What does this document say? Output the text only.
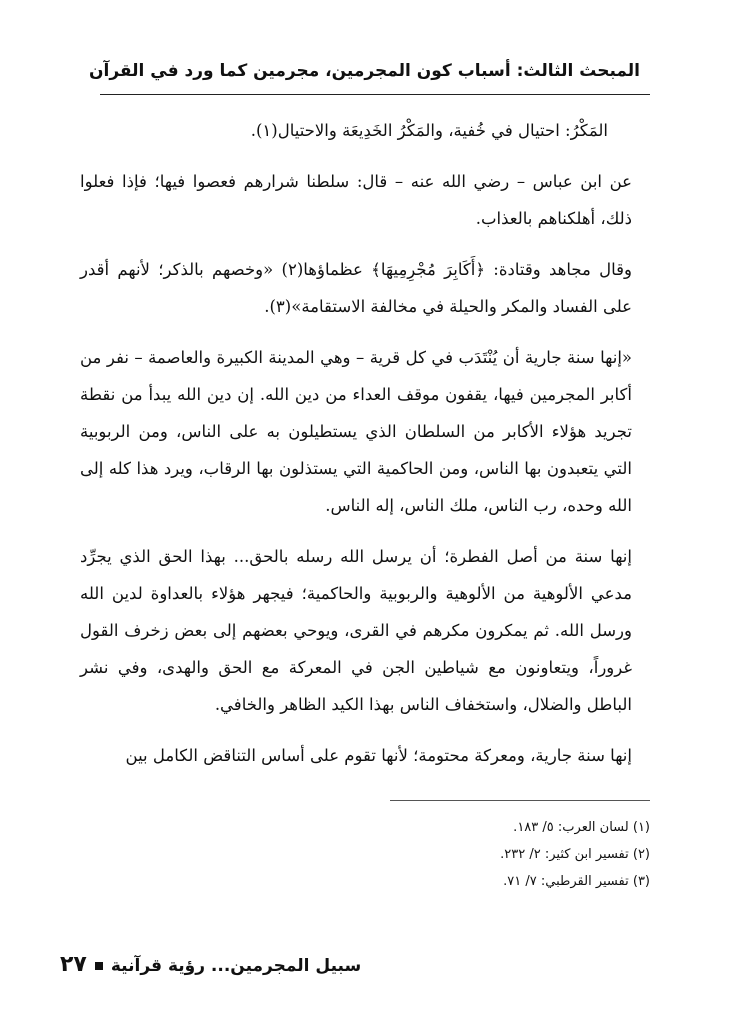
المبحث الثالث: أسباب كون المجرمين، مجرمين كما ورد في القرآن

المَكْرُ: احتيال في خُفية، والمَكْرُ الخَدِيعَة والاحتيال(١).

عن ابن عباس – رضي الله عنه – قال: سلطنا شرارهم فعصوا فيها؛ فإذا فعلوا ذلك، أهلكناهم بالعذاب.

وقال مجاهد وقتادة: ﴿أَكَابِرَ مُجْرِمِيهَا﴾ عظماؤها(٢) «وخصهم بالذكر؛ لأنهم أقدر على الفساد والمكر والحيلة في مخالفة الاستقامة»(٣).

«إنها سنة جارية أن يُنْتَدَب في كل قرية – وهي المدينة الكبيرة والعاصمة – نفر من أكابر المجرمين فيها، يقفون موقف العداء من دين الله. إن دين الله يبدأ من نقطة تجريد هؤلاء الأكابر من السلطان الذي يستطيلون به على الناس، ومن الربوبية التي يتعبدون بها الناس، ومن الحاكمية التي يستذلون بها الرقاب، ويرد هذا كله إلى الله وحده، رب الناس، ملك الناس، إله الناس.

إنها سنة من أصل الفطرة؛ أن يرسل الله رسله بالحق... بهذا الحق الذي يجرِّد مدعي الألوهية من الألوهية والربوبية والحاكمية؛ فيجهر هؤلاء بالعداوة لدين الله ورسل الله. ثم يمكرون مكرهم في القرى، ويوحي بعضهم إلى بعض زخرف القول غروراً، ويتعاونون مع شياطين الجن في المعركة مع الحق والهدى، وفي نشر الباطل والضلال، واستخفاف الناس بهذا الكيد الظاهر والخافي.

إنها سنة جارية، ومعركة محتومة؛ لأنها تقوم على أساس التناقض الكامل بين

(١) لسان العرب: ٥/ ١٨٣.
(٢) تفسير ابن كثير: ٢/ ٢٣٢.
(٣) تفسير القرطبي: ٧/ ٧١.
سبيل المجرمين... رؤية قرآنية٢٧
